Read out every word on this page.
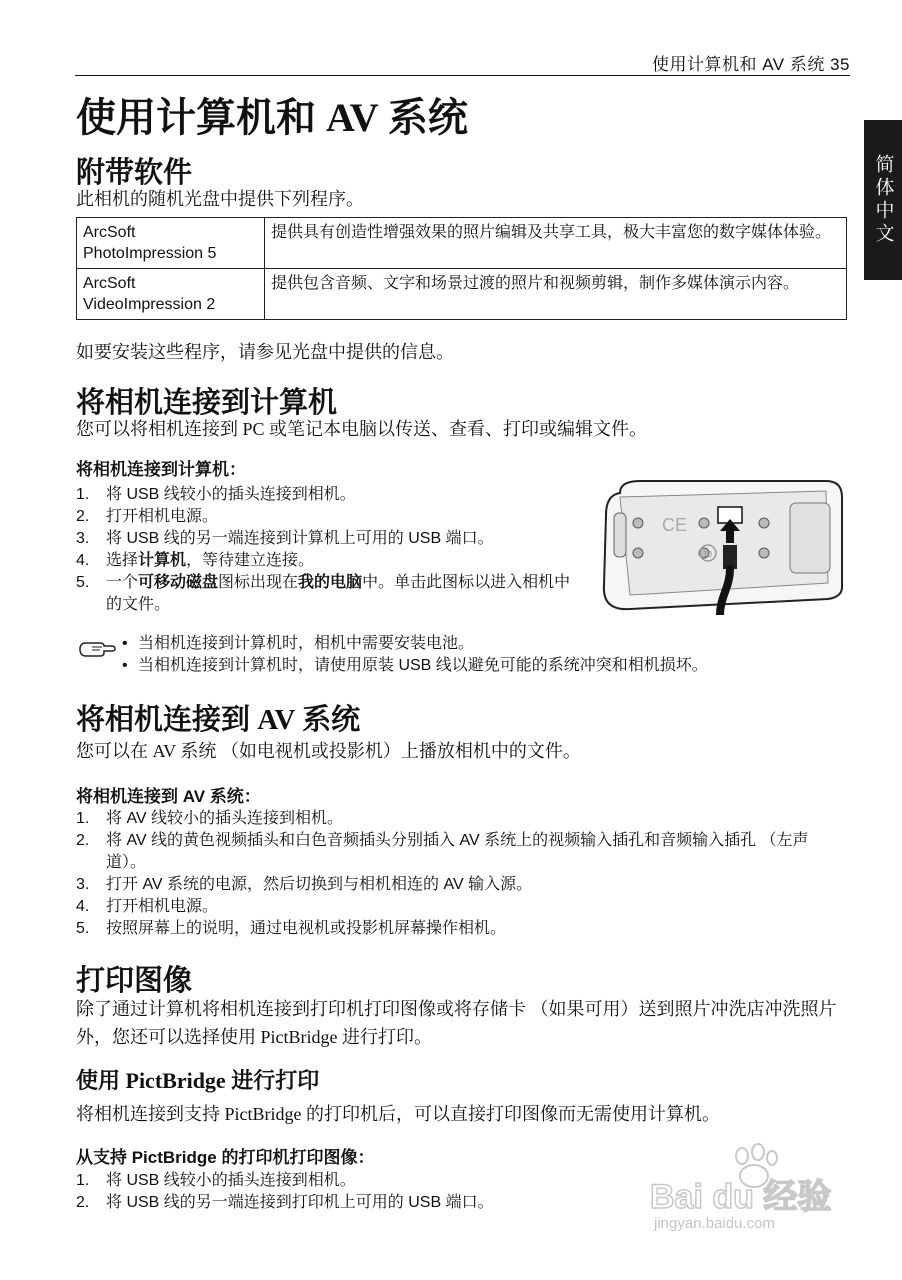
使用计算机和 AV 系统 35
简体中文
使用计算机和 AV 系统
附带软件
此相机的随机光盘中提供下列程序。
ArcSoft
PhotoImpression 5	提供具有创造性增强效果的照片编辑及共享工具，极大丰富您的数字媒体体验。

ArcSoft
VideoImpression 2	提供包含音频、文字和场景过渡的照片和视频剪辑，制作多媒体演示内容。
如要安装这些程序，请参见光盘中提供的信息。
将相机连接到计算机
您可以将相机连接到 PC 或笔记本电脑以传送、查看、打印或编辑文件。
将相机连接到计算机：
1.	将 USB 线较小的插头连接到相机。
2.	打开相机电源。
3.	将 USB 线的另一端连接到计算机上可用的 USB 端口。
4.	选择计算机，等待建立连接。
5.	一个可移动磁盘图标出现在我的电脑中。单击此图标以进入相机中的文件。
CE
10
• 当相机连接到计算机时，相机中需要安装电池。
• 当相机连接到计算机时，请使用原装 USB 线以避免可能的系统冲突和相机损坏。
将相机连接到 AV 系统
您可以在 AV 系统 （如电视机或投影机）上播放相机中的文件。
将相机连接到 AV 系统：
1.	将 AV 线较小的插头连接到相机。
2.	将 AV 线的黄色视频插头和白色音频插头分别插入 AV 系统上的视频输入插孔和音频输入插孔 （左声道）。
3.	打开 AV 系统的电源，然后切换到与相机相连的 AV 输入源。
4.	打开相机电源。
5.	按照屏幕上的说明，通过电视机或投影机屏幕操作相机。
打印图像
除了通过计算机将相机连接到打印机打印图像或将存储卡 （如果可用）送到照片冲洗店冲洗照片外，您还可以选择使用 PictBridge 进行打印。
使用 PictBridge 进行打印
将相机连接到支持 PictBridge 的打印机后，可以直接打印图像而无需使用计算机。
从支持 PictBridge 的打印机打印图像：
1.	将 USB 线较小的插头连接到相机。
2.	将 USB 线的另一端连接到打印机上可用的 USB 端口。	Bai du 经验
jingyan.baidu.com
